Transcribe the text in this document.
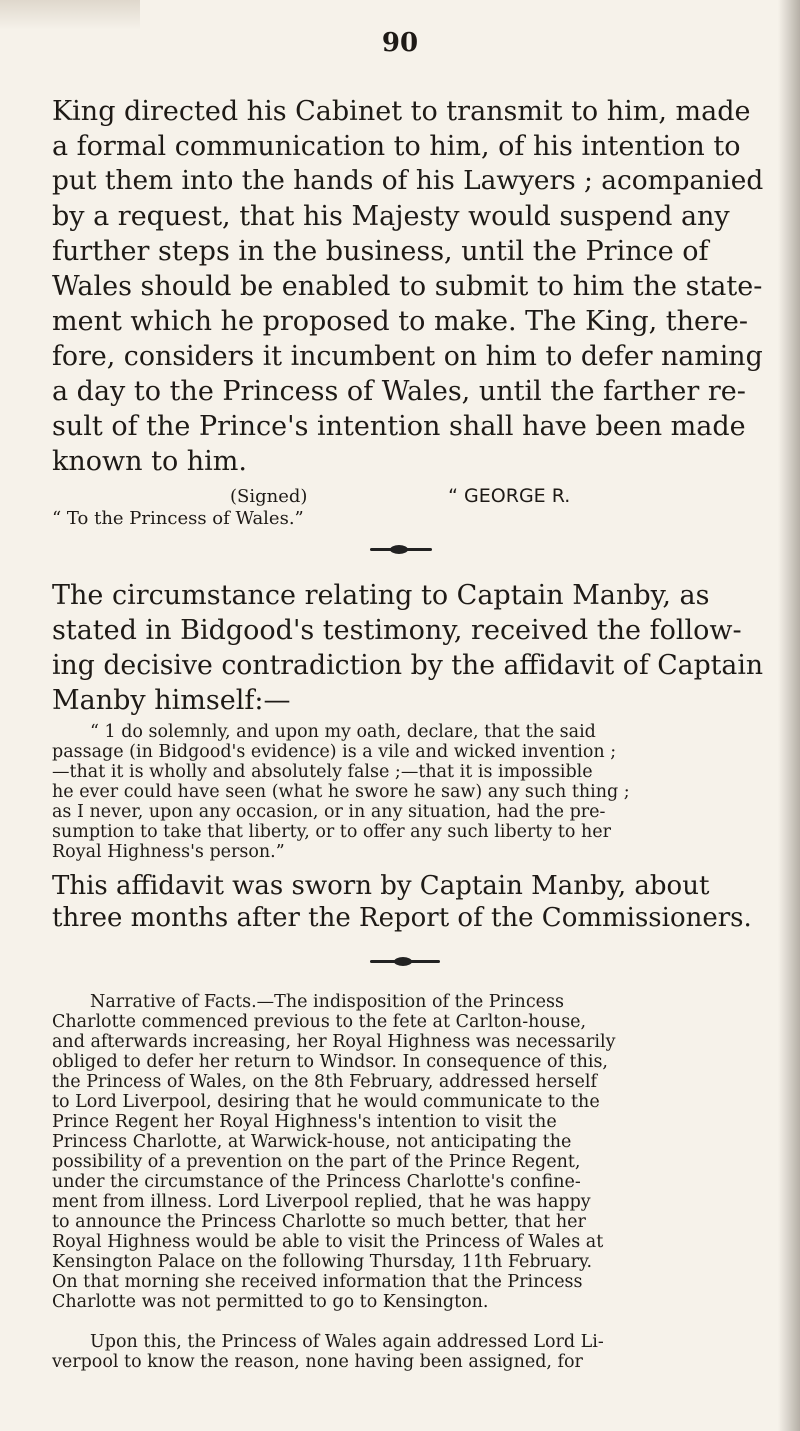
90
King directed his Cabinet to transmit to him, made
a formal communication to him, of his intention to
put them into the hands of his Lawyers ; acompanied
by a request, that his Majesty would suspend any
further steps in the business, until the Prince of
Wales should be enabled to submit to him the state-
ment which he proposed to make. The King, there-
fore, considers it incumbent on him to defer naming
a day to the Princess of Wales, until the farther re-
sult of the Prince's intention shall have been made
known to him.
(Signed)	“ GEORGE R.
“ To the Princess of Wales.”
The circumstance relating to Captain Manby, as
stated in Bidgood's testimony, received the follow-
ing decisive contradiction by the affidavit of Captain
Manby himself:—
“ 1 do solemnly, and upon my oath, declare, that the said
passage (in Bidgood's evidence) is a vile and wicked invention ;
—that it is wholly and absolutely false ;—that it is impossible
he ever could have seen (what he swore he saw) any such thing ;
as I never, upon any occasion, or in any situation, had the pre-
sumption to take that liberty, or to offer any such liberty to her
Royal Highness's person.”
This affidavit was sworn by Captain Manby, about
three months after the Report of the Commissioners.
Narrative of Facts.—The indisposition of the Princess
Charlotte commenced previous to the fete at Carlton-house,
and afterwards increasing, her Royal Highness was necessarily
obliged to defer her return to Windsor. In consequence of this,
the Princess of Wales, on the 8th February, addressed herself
to Lord Liverpool, desiring that he would communicate to the
Prince Regent her Royal Highness's intention to visit the
Princess Charlotte, at Warwick-house, not anticipating the
possibility of a prevention on the part of the Prince Regent,
under the circumstance of the Princess Charlotte's confine-
ment from illness. Lord Liverpool replied, that he was happy
to announce the Princess Charlotte so much better, that her
Royal Highness would be able to visit the Princess of Wales at
Kensington Palace on the following Thursday, 11th February.
On that morning she received information that the Princess
Charlotte was not permitted to go to Kensington.
Upon this, the Princess of Wales again addressed Lord Li-
verpool to know the reason, none having been assigned, for
